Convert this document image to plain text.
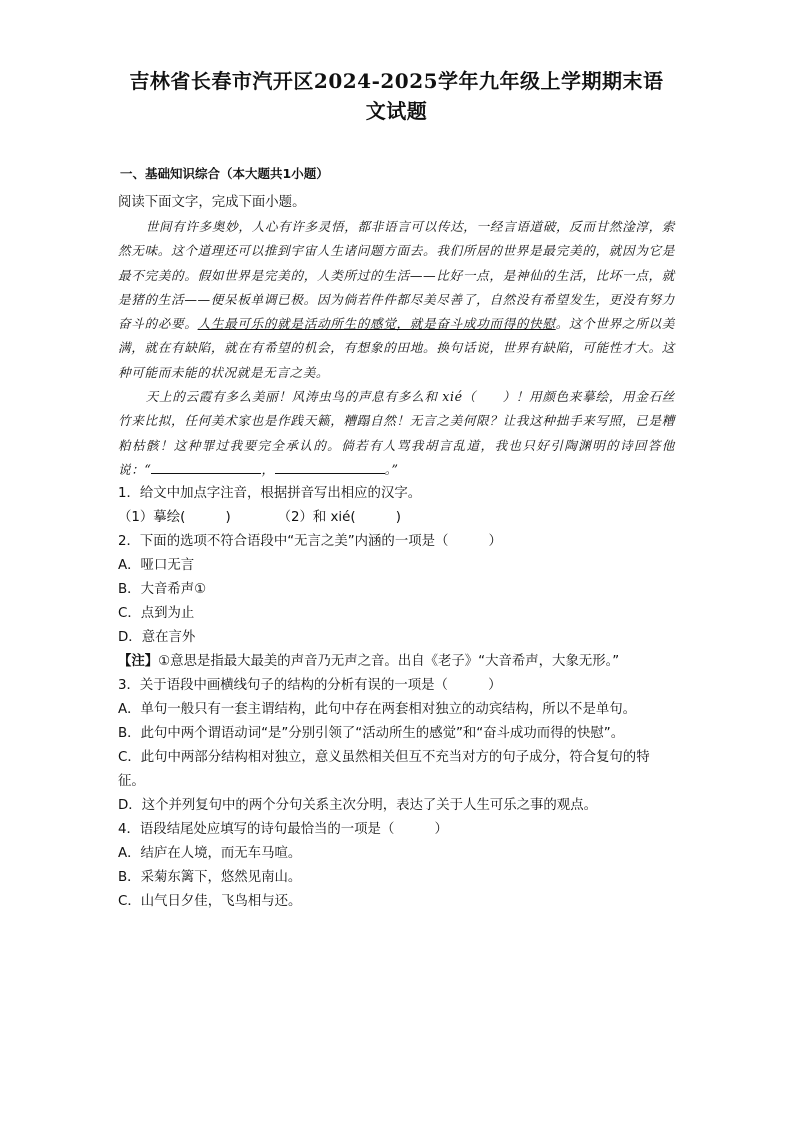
吉林省长春市汽开区2024-2025学年九年级上学期期末语
文试题
一、基础知识综合（本大题共1小题）
阅读下面文字，完成下面小题。

世间有许多奥妙，人心有许多灵悟，都非语言可以传达，一经言语道破，反而甘然淦淳，索然无味。这个道理还可以推到宇宙人生诸问题方面去。我们所居的世界是最完美的，就因为它是最不完美的。假如世界是完美的，人类所过的生活——比好一点，是神仙的生活，比坏一点，就是猪的生活——便呆板单调已极。因为倘若件件都尽美尽善了，自然没有希望发生，更没有努力奋斗的必要。人生最可乐的就是活动所生的感觉，就是奋斗成功而得的快慰。这个世界之所以美满，就在有缺陷，就在有希望的机会，有想象的田地。换句话说，世界有缺陷，可能性才大。这种可能而未能的状况就是无言之美。

天上的云霞有多么美丽！风涛虫鸟的声息有多么和 xié（　　）！用颜色来摹绘，用金石丝竹来比拟，任何美术家也是作践天籁，糟蹋自然！无言之美何限？让我这种拙手来写照，已是糟粕枯骸！这种罪过我要完全承认的。倘若有人骂我胡言乱道，我也只好引陶渊明的诗回答他说：“	，	。”

1．给文中加点字注音，根据拼音写出相应的汉字。
（1）摹绘(　　　)　　　　（2）和 xié(　　　)
2．下面的选项不符合语段中“无言之美”内涵的一项是（　　　）
A．哑口无言
B．大音希声①
C．点到为止
D．意在言外
【注】①意思是指最大最美的声音乃无声之音。出自《老子》“大音希声，大象无形。”
3．关于语段中画横线句子的结构的分析有误的一项是（　　　）
A．单句一般只有一套主谓结构，此句中存在两套相对独立的动宾结构，所以不是单句。
B．此句中两个谓语动词“是”分别引领了“活动所生的感觉”和“奋斗成功而得的快慰”。
C．此句中两部分结构相对独立，意义虽然相关但互不充当对方的句子成分，符合复句的特征。
D．这个并列复句中的两个分句关系主次分明，表达了关于人生可乐之事的观点。
4．语段结尾处应填写的诗句最恰当的一项是（　　　）
A．结庐在人境，而无车马喧。
B．采菊东篱下，悠然见南山。
C．山气日夕佳，飞鸟相与还。
